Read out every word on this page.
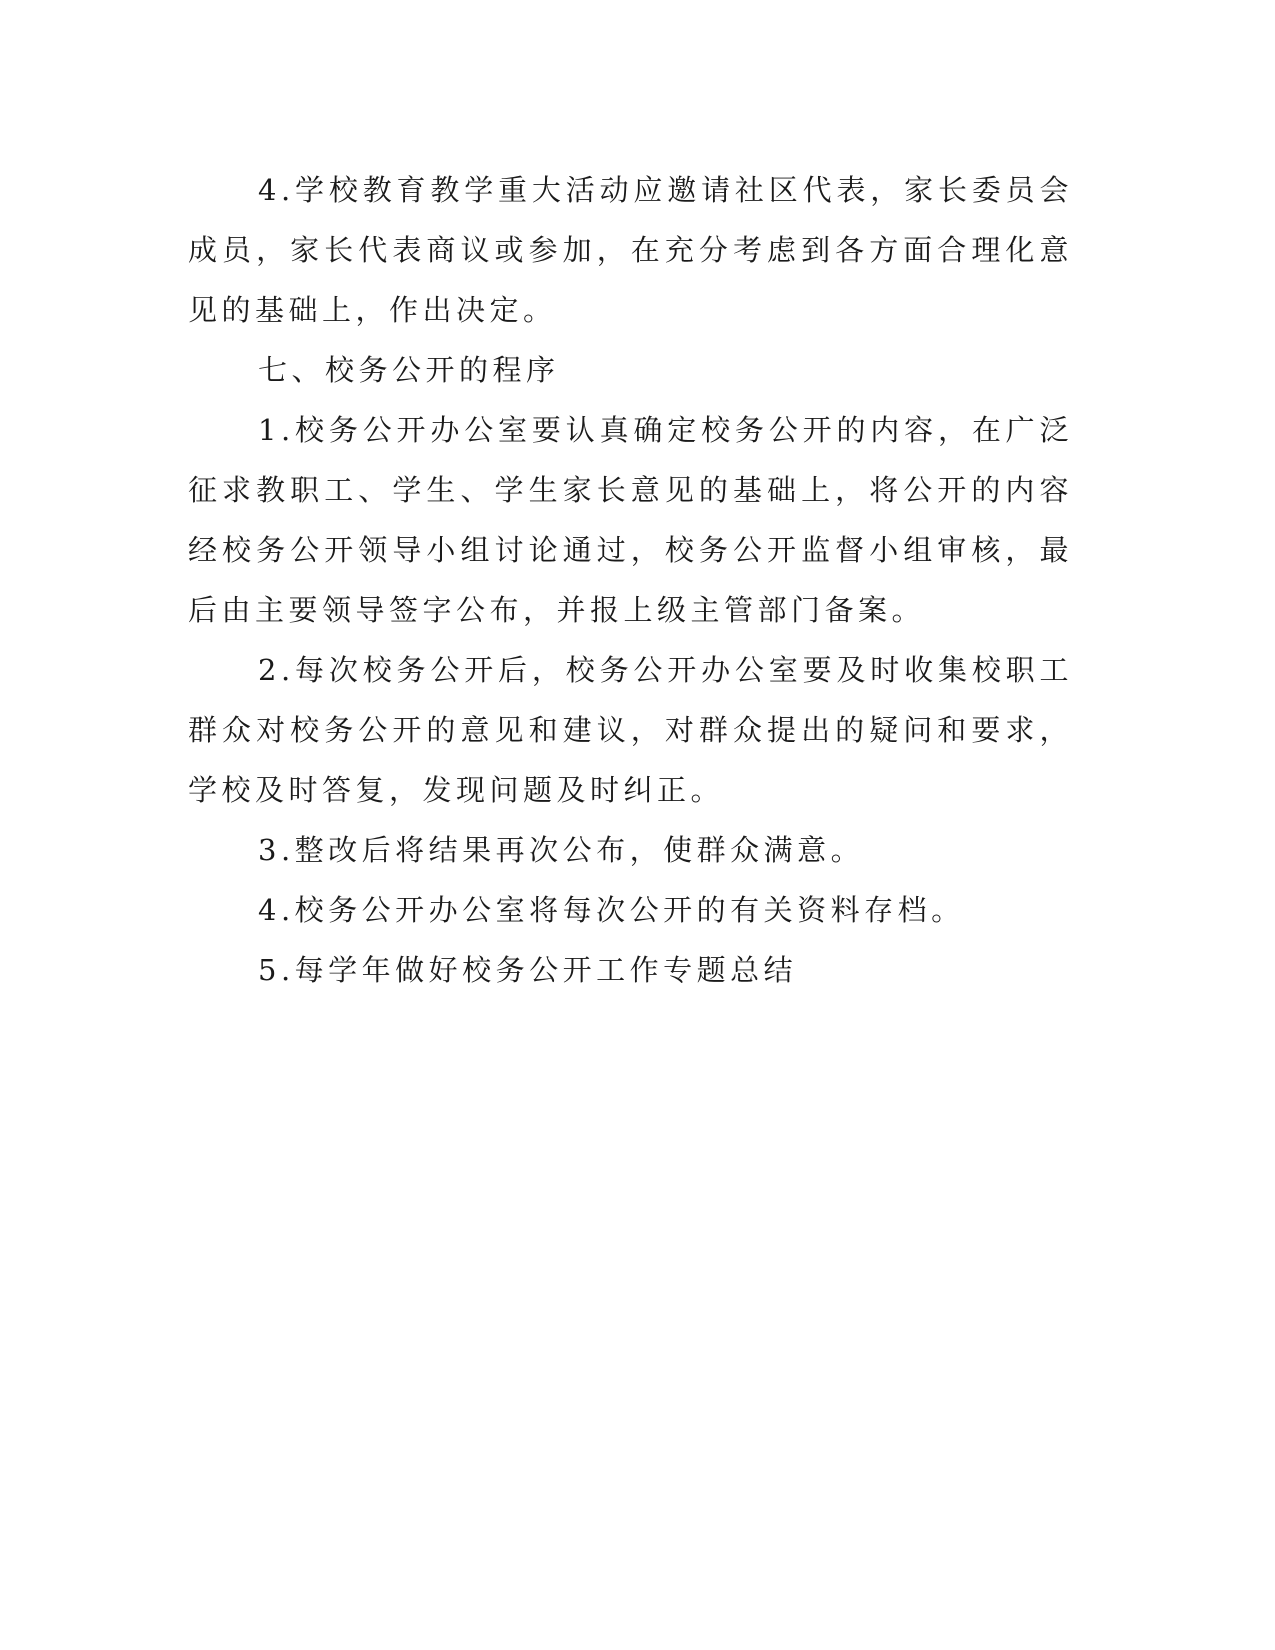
4.学校教育教学重大活动应邀请社区代表，家长委员会成员，家长代表商议或参加，在充分考虑到各方面合理化意见的基础上，作出决定。

七、校务公开的程序

1.校务公开办公室要认真确定校务公开的内容，在广泛征求教职工、学生、学生家长意见的基础上，将公开的内容经校务公开领导小组讨论通过，校务公开监督小组审核，最后由主要领导签字公布，并报上级主管部门备案。

2.每次校务公开后，校务公开办公室要及时收集校职工群众对校务公开的意见和建议，对群众提出的疑问和要求，学校及时答复，发现问题及时纠正。

3.整改后将结果再次公布，使群众满意。

4.校务公开办公室将每次公开的有关资料存档。

5.每学年做好校务公开工作专题总结
